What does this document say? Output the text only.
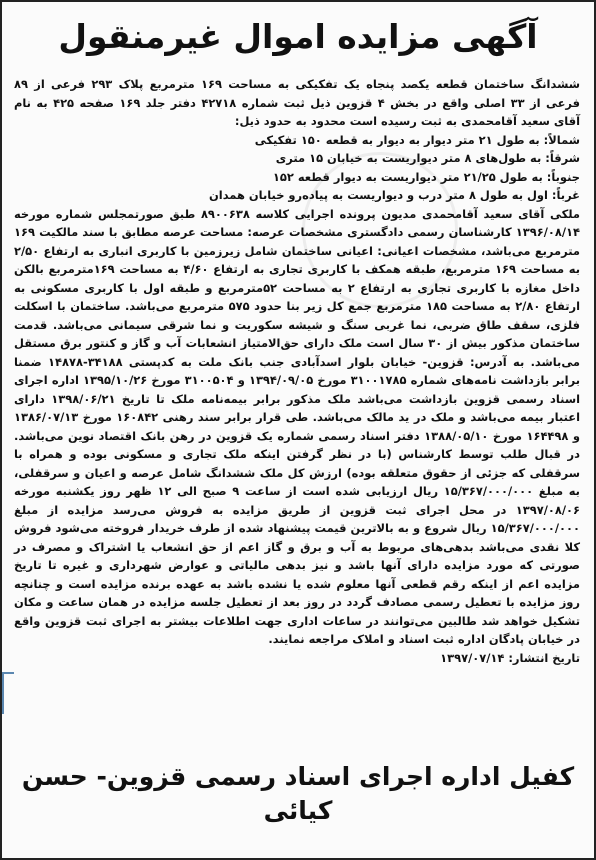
آگهی مزایده اموال غیرمنقول

ششدانگ ساختمان قطعه یکصد پنجاه یک تفکیکی به مساحت ۱۶۹ مترمربع پلاک ۲۹۳ فرعی از ۸۹ فرعی از ۳۳ اصلی واقع در بخش ۴ قزوین ذیل ثبت شماره ۴۲۷۱۸ دفتر جلد ۱۶۹ صفحه ۴۲۵ به نام آقای سعید آقامحمدی به ثبت رسیده است محدود به حدود ذیل:

شمالاً: به طول ۲۱ متر دیوار به دیوار به قطعه ۱۵۰ تفکیکی

شرقاً: به طول‌های ۸ متر دیواریست به خیابان ۱۵ متری

جنوباً: به طول ۲۱/۲۵ متر دیواریست به دیوار قطعه ۱۵۲

غرباً: اول به طول ۸ متر درب و دیواریست به پیاده‌رو خیابان همدان

ملکی آقای سعید آقامحمدی مدیون پرونده اجرایی کلاسه ۸۹۰۰۶۳۸ طبق صورتمجلس شماره مورخه ۱۳۹۶/۰۸/۱۴ کارشناسان رسمی دادگستری مشخصات عرصه: مساحت عرصه مطابق با سند مالکیت ۱۶۹ مترمربع می‌باشد، مشخصات اعیانی: اعیانی ساختمان شامل زیرزمین با کاربری انباری به ارتفاع ۲/۵۰ به مساحت ۱۶۹ مترمربع، طبقه همکف با کاربری تجاری به ارتفاع ۴/۶۰ به مساحت ۱۶۹مترمربع بالکن داخل مغازه با کاربری تجاری به ارتفاع ۲ به مساحت ۵۲مترمربع و طبقه اول با کاربری مسکونی به ارتفاع ۲/۸۰ به مساحت ۱۸۵ مترمربع جمع کل زیر بنا حدود ۵۷۵ مترمربع می‌باشد. ساختمان با اسکلت فلزی، سقف طاق ضربی، نما غربی سنگ و شیشه سکوریت و نما شرقی سیمانی می‌باشد. قدمت ساختمان مذکور بیش از ۳۰ سال است ملک دارای حق‌الامتیاز انشعابات آب و گاز و کنتور برق مستقل می‌باشد. به آدرس: قزوین- خیابان بلوار اسدآبادی جنب بانک ملت به کدپستی ۳۴۱۸۸-۱۴۸۷۸ ضمنا برابر بازداشت نامه‌های شماره ۳۱۰۰۱۷۸۵ مورخ ۱۳۹۴/۰۹/۰۵ و ۳۱۰۰۵۰۴ مورخ ۱۳۹۵/۱۰/۲۶ اداره اجرای اسناد رسمی قزوین بازداشت می‌باشد ملک مذکور برابر بیمه‌نامه ملک تا تاریخ ۱۳۹۸/۰۶/۲۱ دارای اعتبار بیمه می‌باشد و ملک در ید مالک می‌باشد. طی قرار برابر سند رهنی ۱۶۰۸۴۲ مورخ ۱۳۸۶/۰۷/۱۳ و ۱۶۴۴۹۸ مورخ ۱۳۸۸/۰۵/۱۰ دفتر اسناد رسمی شماره یک قزوین در رهن بانک اقتصاد نوین می‌باشد. در قبال طلب توسط کارشناس (با در نظر گرفتن اینکه ملک تجاری و مسکونی بوده و همراه با سرقفلی که جزئی از حقوق متعلقه بوده) ارزش کل ملک ششدانگ شامل عرصه و اعیان و سرقفلی، به مبلغ ۱۵/۳۶۷/۰۰۰/۰۰۰ ریال ارزیابی شده است از ساعت ۹ صبح الی ۱۲ ظهر روز یکشنبه مورخه ۱۳۹۷/۰۸/۰۶ در محل اجرای ثبت قزوین از طریق مزایده به فروش می‌رسد مزایده از مبلغ ۱۵/۳۶۷/۰۰۰/۰۰۰ ریال شروع و به بالاترین قیمت پیشنهاد شده از طرف خریدار فروخته می‌شود فروش کلا نقدی می‌باشد بدهی‌های مربوط به آب و برق و گاز اعم از حق انشعاب یا اشتراک و مصرف در صورتی که مورد مزایده دارای آنها باشد و نیز بدهی مالیاتی و عوارض شهرداری و غیره تا تاریخ مزایده اعم از اینکه رقم قطعی آنها معلوم شده یا نشده باشد به عهده برنده مزایده است و چنانچه روز مزایده با تعطیل رسمی مصادف گردد در روز بعد از تعطیل جلسه مزایده در همان ساعت و مکان تشکیل خواهد شد طالبین می‌توانند در ساعات اداری جهت اطلاعات بیشتر به اجرای ثبت قزوین واقع در خیابان پادگان اداره ثبت اسناد و املاک مراجعه نمایند.

تاریخ انتشار: ۱۳۹۷/۰۷/۱۴

کفیل اداره اجرای اسناد رسمی قزوین- حسن کیائی
